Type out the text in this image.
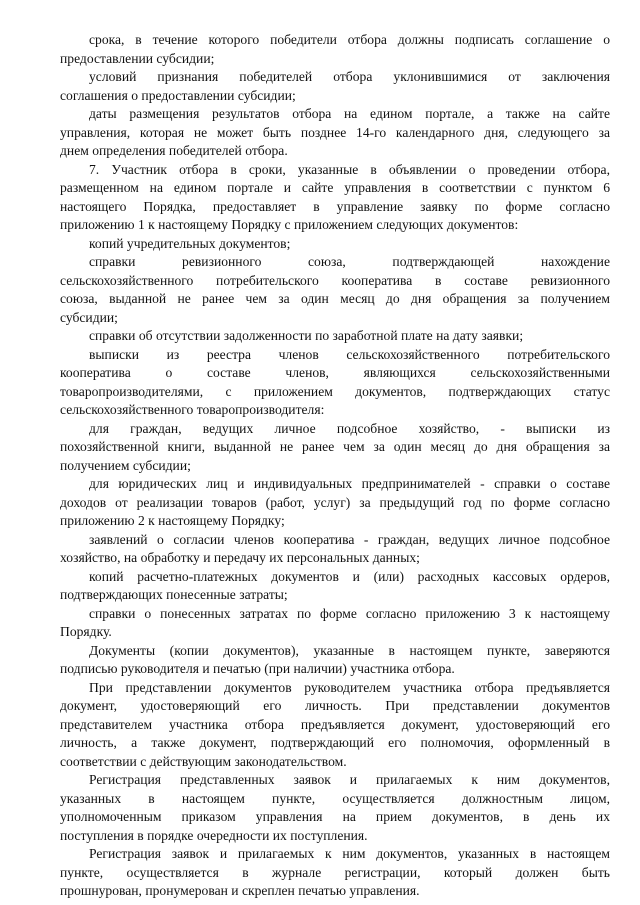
срока, в течение которого победители отбора должны подписать соглашение о
предоставлении субсидии;
условий признания победителей отбора уклонившимися от заключения
соглашения о предоставлении субсидии;
даты размещения результатов отбора на едином портале, а также на сайте
управления, которая не может быть позднее 14-го календарного дня, следующего за
днем определения победителей отбора.
7. Участник отбора в сроки, указанные в объявлении о проведении отбора,
размещенном на едином портале и сайте управления в соответствии с пунктом 6
настоящего Порядка, предоставляет в управление заявку по форме согласно
приложению 1 к настоящему Порядку с приложением следующих документов:
копий учредительных документов;
справки ревизионного союза, подтверждающей нахождение
сельскохозяйственного потребительского кооператива в составе ревизионного
союза, выданной не ранее чем за один месяц до дня обращения за получением
субсидии;
справки об отсутствии задолженности по заработной плате на дату заявки;
выписки из реестра членов сельскохозяйственного потребительского
кооператива о составе членов, являющихся сельскохозяйственными
товаропроизводителями, с приложением документов, подтверждающих статус
сельскохозяйственного товаропроизводителя:
для граждан, ведущих личное подсобное хозяйство, - выписки из
похозяйственной книги, выданной не ранее чем за один месяц до дня обращения за
получением субсидии;
для юридических лиц и индивидуальных предпринимателей - справки о составе
доходов от реализации товаров (работ, услуг) за предыдущий год по форме согласно
приложению 2 к настоящему Порядку;
заявлений о согласии членов кооператива - граждан, ведущих личное подсобное
хозяйство, на обработку и передачу их персональных данных;
копий расчетно-платежных документов и (или) расходных кассовых ордеров,
подтверждающих понесенные затраты;
справки о понесенных затратах по форме согласно приложению 3 к настоящему
Порядку.
Документы (копии документов), указанные в настоящем пункте, заверяются
подписью руководителя и печатью (при наличии) участника отбора.
При представлении документов руководителем участника отбора предъявляется
документ, удостоверяющий его личность. При представлении документов
представителем участника отбора предъявляется документ, удостоверяющий его
личность, а также документ, подтверждающий его полномочия, оформленный в
соответствии с действующим законодательством.
Регистрация представленных заявок и прилагаемых к ним документов,
указанных в настоящем пункте, осуществляется должностным лицом,
уполномоченным приказом управления на прием документов, в день их
поступления в порядке очередности их поступления.
Регистрация заявок и прилагаемых к ним документов, указанных в настоящем
пункте, осуществляется в журнале регистрации, который должен быть
прошнурован, пронумерован и скреплен печатью управления.
